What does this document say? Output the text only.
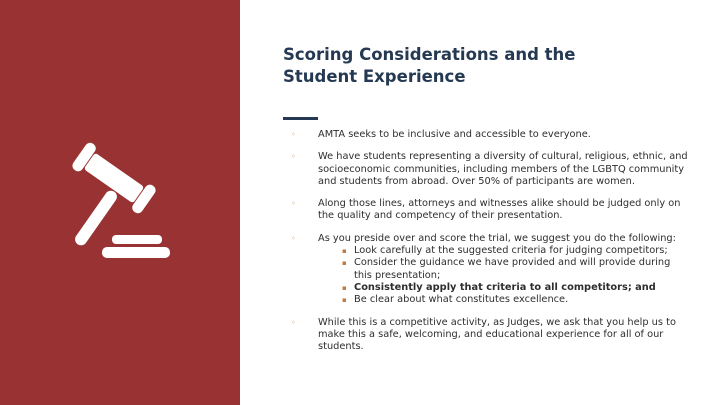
Scoring Considerations and the
Student Experience
◦ AMTA seeks to be inclusive and accessible to everyone.
◦ We have students representing a diversity of cultural, religious, ethnic, and socioeconomic communities, including members of the LGBTQ community and students from abroad. Over 50% of participants are women.
◦ Along those lines, attorneys and witnesses alike should be judged only on the quality and competency of their presentation.
◦ As you preside over and score the trial, we suggest you do the following:
▪ Look carefully at the suggested criteria for judging competitors;
▪ Consider the guidance we have provided and will provide during this presentation;
▪ Consistently apply that criteria to all competitors; and
▪ Be clear about what constitutes excellence.
◦ While this is a competitive activity, as Judges, we ask that you help us to make this a safe, welcoming, and educational experience for all of our students.
